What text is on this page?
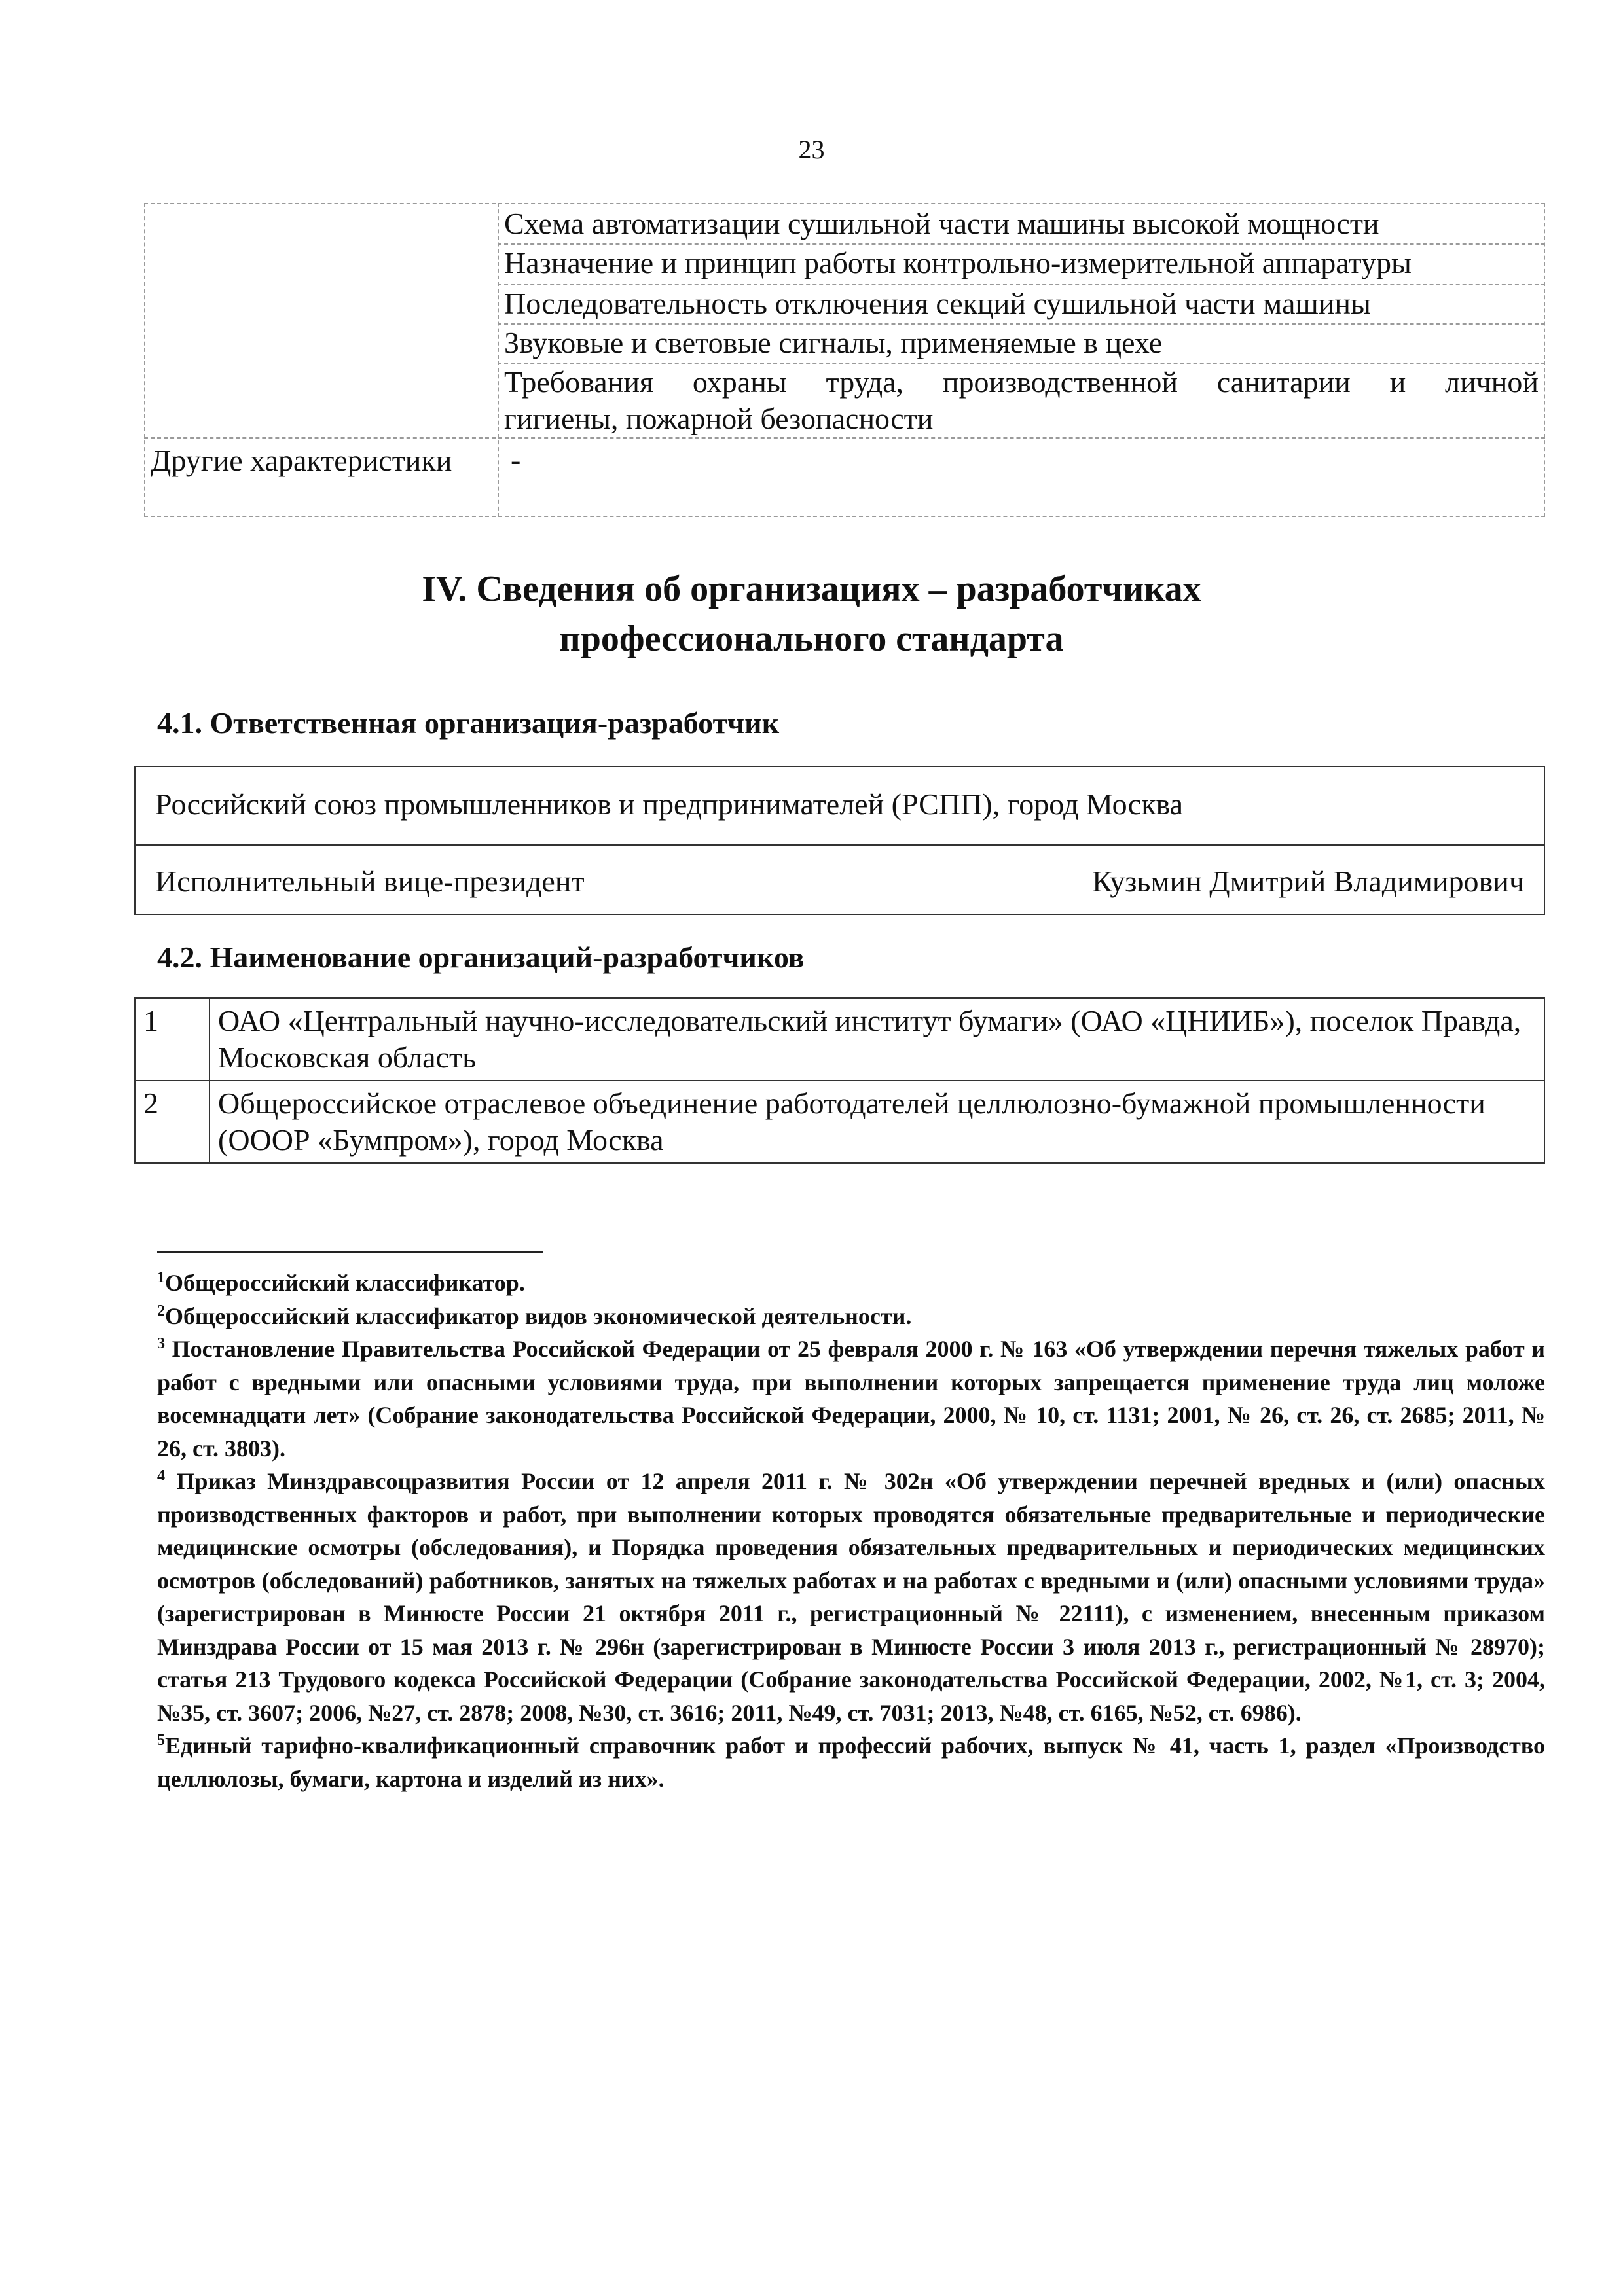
23
Схема автоматизации сушильной части машины высокой мощности
Назначение и принцип работы контрольно-измерительной аппаратуры
Последовательность отключения секций сушильной части машины
Звуковые и световые сигналы, применяемые в цехе
Требования охраны труда, производственной санитарии и личной
гигиены, пожарной безопасности
Другие характеристики	-
IV. Сведения об организациях – разработчиках
профессионального стандарта
4.1. Ответственная организация-разработчик
Российский союз промышленников и предпринимателей (РСПП), город Москва
Исполнительный вице-президент	Кузьмин Дмитрий Владимирович
4.2. Наименование организаций-разработчиков
1	ОАО «Центральный научно-исследовательский институт бумаги» (ОАО «ЦНИИБ»), поселок Правда, Московская область
2	Общероссийское отраслевое объединение работодателей целлюлозно-бумажной промышленности (ОООР «Бумпром»), город Москва

$^1$Общероссийский классификатор.

$^2$Общероссийский классификатор видов экономической деятельности.

$^3$ Постановление Правительства Российской Федерации от 25 февраля 2000 г. № 163 «Об утверждении перечня тяжелых работ и работ с вредными или опасными условиями труда, при выполнении которых запрещается применение труда лиц моложе восемнадцати лет» (Собрание законодательства Российской Федерации, 2000, № 10, ст. 1131; 2001, № 26, ст. 26, ст. 2685; 2011, № 26, ст. 3803).

$^4$ Приказ Минздравсоцразвития России от 12 апреля 2011 г. № 302н «Об утверждении перечней вредных и (или) опасных производственных факторов и работ, при выполнении которых проводятся обязательные предварительные и периодические медицинские осмотры (обследования), и Порядка проведения обязательных предварительных и периодических медицинских осмотров (обследований) работников, занятых на тяжелых работах и на работах с вредными и (или) опасными условиями труда» (зарегистрирован в Минюсте России 21 октября 2011 г., регистрационный № 22111), с изменением, внесенным приказом Минздрава России от 15 мая 2013 г. № 296н (зарегистрирован в Минюсте России 3 июля 2013 г., регистрационный № 28970); статья 213 Трудового кодекса Российской Федерации (Собрание законодательства Российской Федерации, 2002, №1, ст. 3; 2004, №35, ст. 3607; 2006, №27, ст. 2878; 2008, №30, ст. 3616; 2011, №49, ст. 7031; 2013, №48, ст. 6165, №52, ст. 6986).

$^5$Единый тарифно-квалификационный справочник работ и профессий рабочих, выпуск № 41, часть 1, раздел «Производство целлюлозы, бумаги, картона и изделий из них».
